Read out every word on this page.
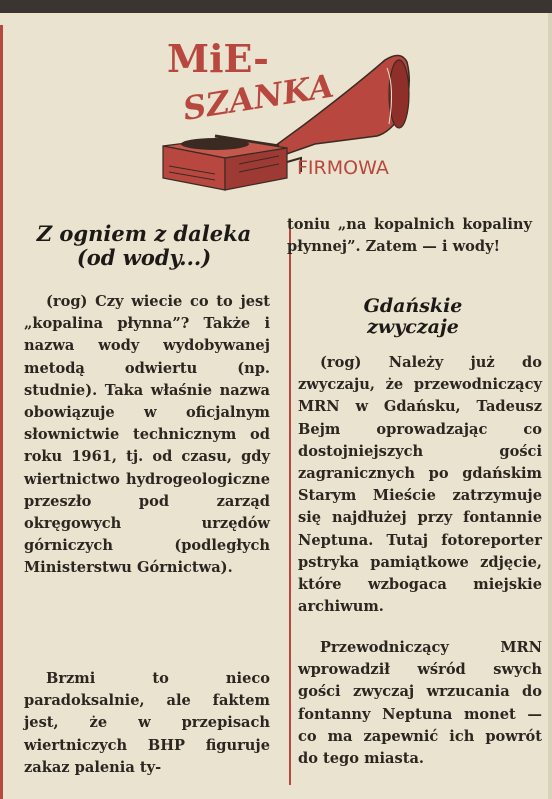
MiE-
SZANKA
FIRMOWA
Z ogniem z daleka
(od wody...)

(rog) Czy wiecie co to jest „kopalina płynna”? Także i nazwa wody wydobywanej metodą odwiertu (np. studnie). Taka właśnie nazwa obowiązuje w oficjalnym słownictwie technicznym od roku 1961, tj. od czasu, gdy wiertnictwo hydrogeologiczne przeszło pod zarząd okręgowych urzędów górniczych (podległych Ministerstwu Górnictwa).

Brzmi to nieco paradoksalnie, ale faktem jest, że w przepisach wiertniczych BHP figuruje zakaz palenia ty-

toniu „na kopalnich kopaliny płynnej”. Zatem — i wody!

Gdańskie
zwyczaje

(rog) Należy już do zwyczaju, że przewodniczący MRN w Gdańsku, Tadeusz Bejm oprowadzając co dostojniejszych gości zagranicznych po gdańskim Starym Mieście zatrzymuje się najdłużej przy fontannie Neptuna. Tutaj fotoreporter pstryka pamiątkowe zdjęcie, które wzbogaca miejskie archiwum.

Przewodniczący MRN wprowadził wśród swych gości zwyczaj wrzucania do fontanny Neptuna monet — co ma zapewnić ich powrót do tego miasta.
